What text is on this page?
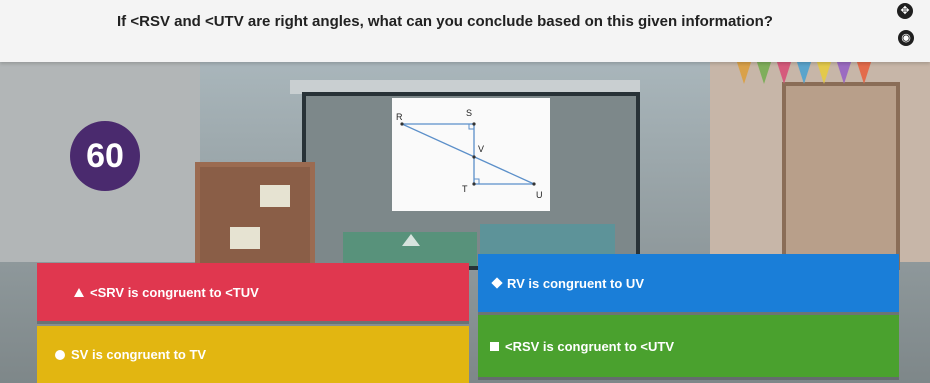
If <RSV and <UTV are right angles, what can you conclude based on this given information?
✥
◉
60
R	S
V
T
U
<SRV is congruent to <TUV
RV is congruent to UV
SV is congruent to TV
<RSV is congruent to <UTV
